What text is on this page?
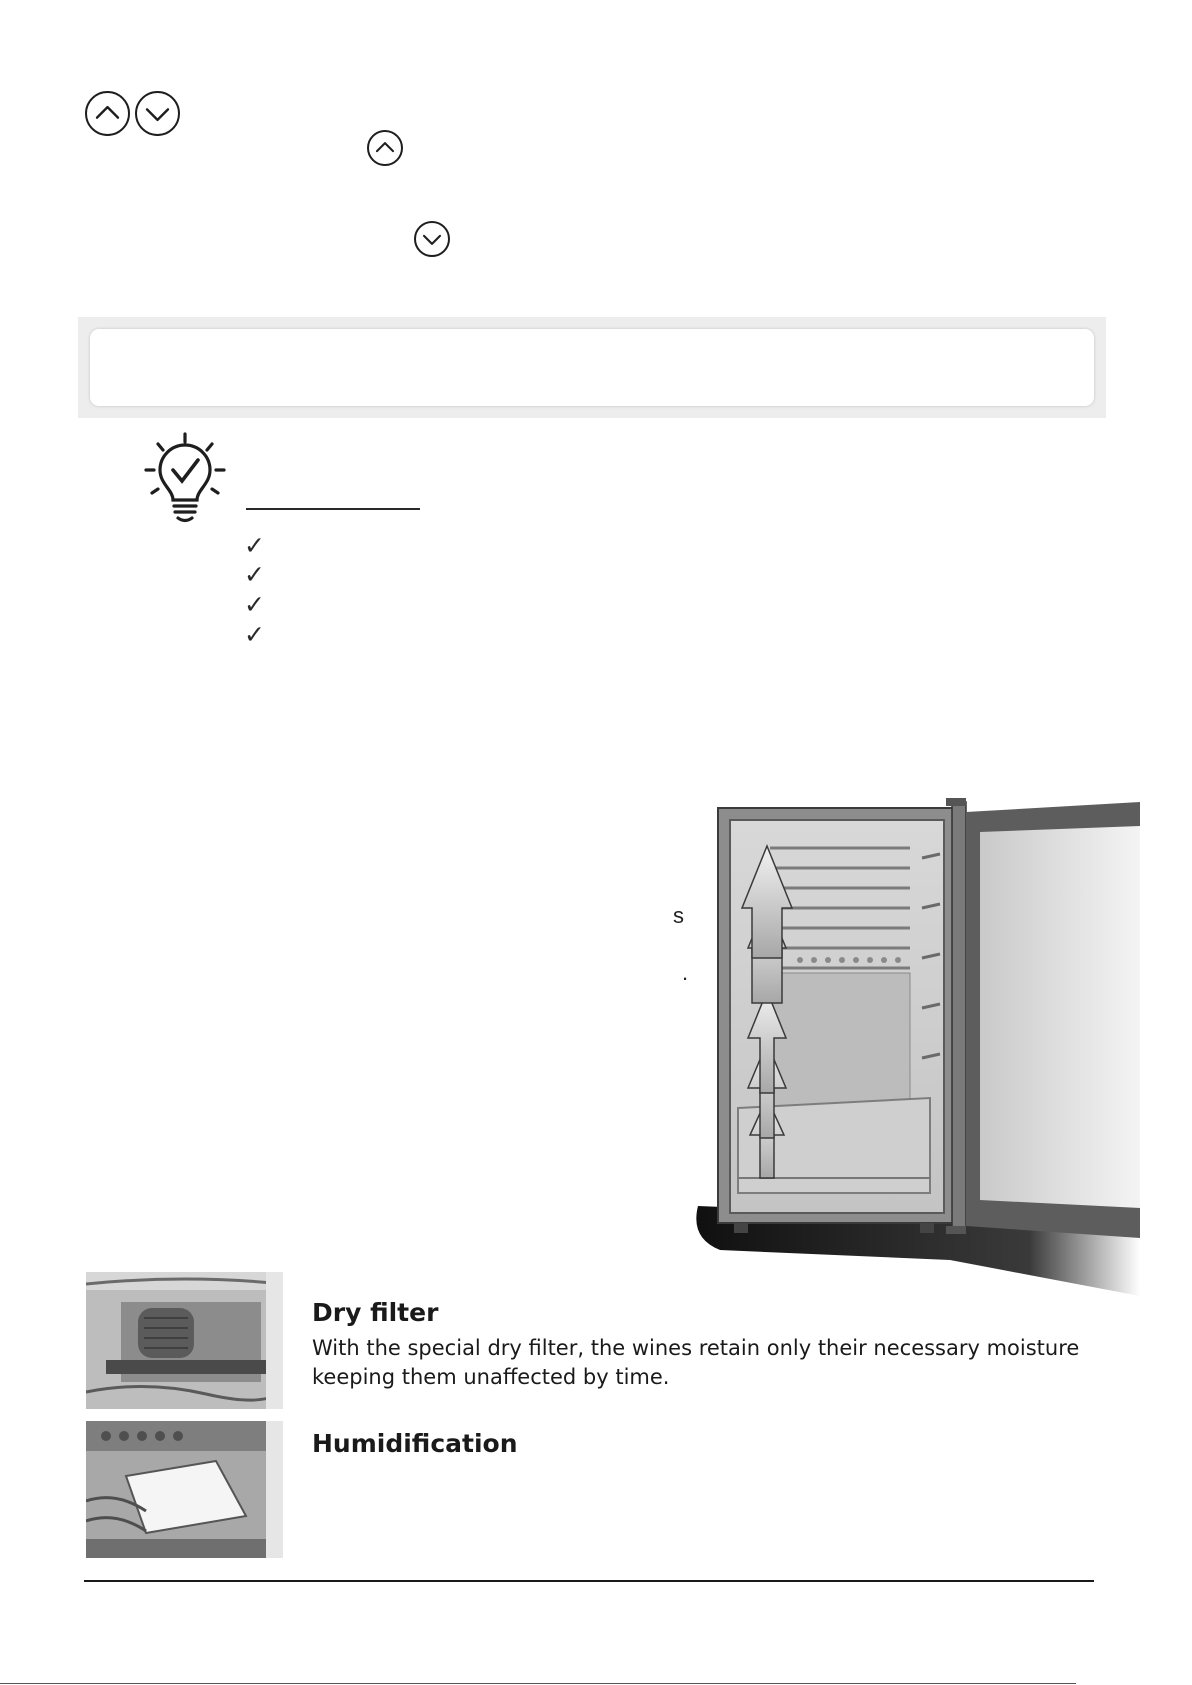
✓
✓
✓
✓
s
.
Dry filter
With the special dry filter, the wines retain only their necessary moisture keeping them unaffected by time.
Humidification
